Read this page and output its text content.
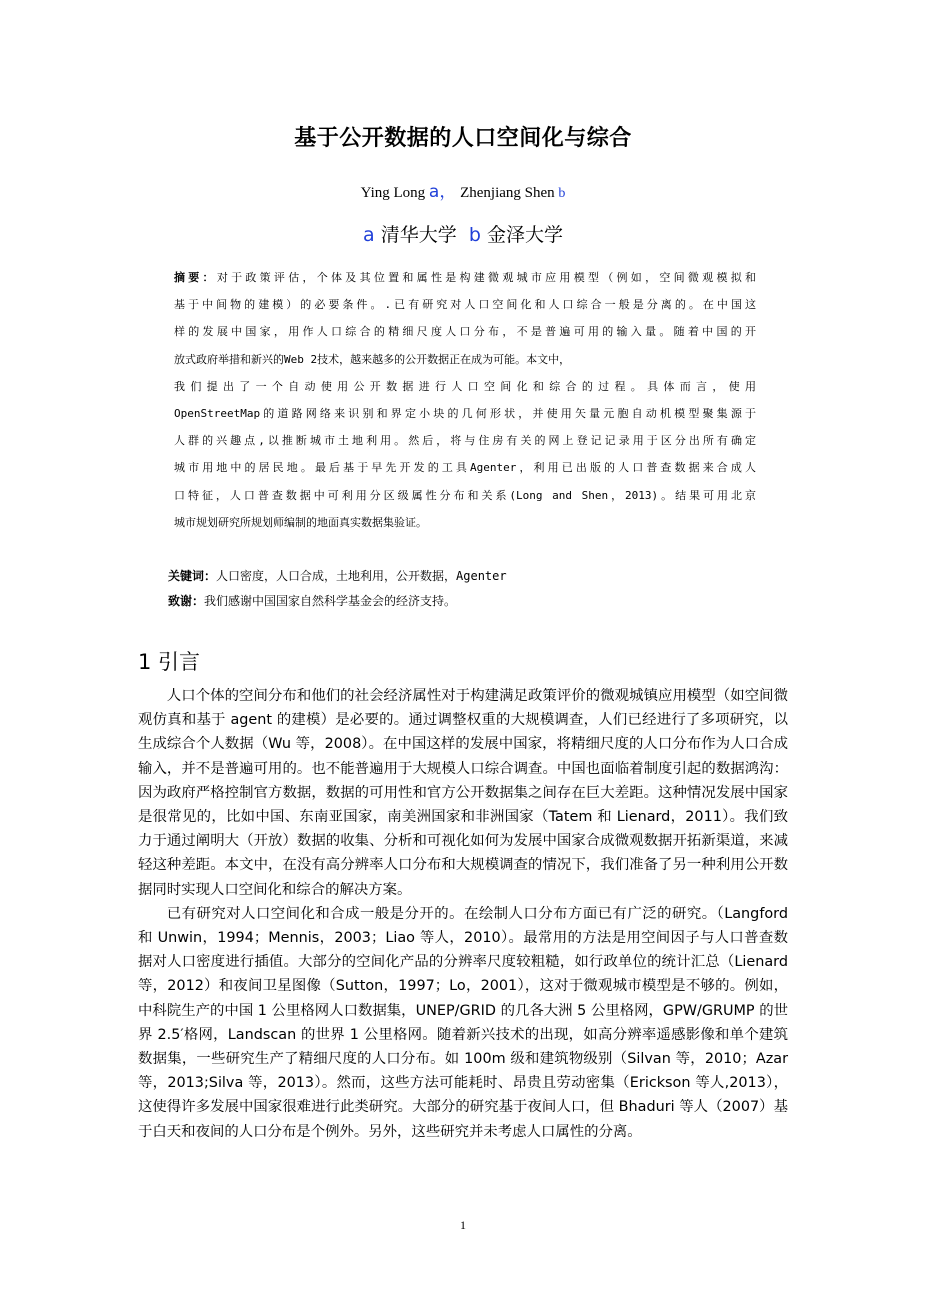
基于公开数据的人口空间化与综合
Ying Long a， Zhenjiang Shen b
a 清华大学 b 金泽大学
摘要：对于政策评估，个体及其位置和属性是构建微观城市应用模型（例如，空间微观模拟和
基于中间物的建模）的必要条件。.已有研究对人口空间化和人口综合一般是分离的。在中国这
样的发展中国家，用作人口综合的精细尺度人口分布，不是普遍可用的输入量。随着中国的开
放式政府举措和新兴的Web 2技术，越来越多的公开数据正在成为可能。本文中，
我们提出了一个自动使用公开数据进行人口空间化和综合的过程。具体而言，使用
OpenStreetMap的道路网络来识别和界定小块的几何形状，并使用矢量元胞自动机模型聚集源于
人群的兴趣点,以推断城市土地利用。然后，将与住房有关的网上登记记录用于区分出所有确定
城市用地中的居民地。最后基于早先开发的工具Agenter，利用已出版的人口普查数据来合成人
口特征，人口普查数据中可利用分区级属性分布和关系(Long and Shen，2013)。结果可用北京
城市规划研究所规划师编制的地面真实数据集验证。
关键词：人口密度，人口合成，土地利用，公开数据，Agenter
致谢：我们感谢中国国家自然科学基金会的经济支持。
1 引言

人口个体的空间分布和他们的社会经济属性对于构建满足政策评价的微观城镇应用模型（如空间微观仿真和基于 agent 的建模）是必要的。通过调整权重的大规模调查，人们已经进行了多项研究，以生成综合个人数据（Wu 等，2008）。在中国这样的发展中国家，将精细尺度的人口分布作为人口合成输入，并不是普遍可用的。也不能普遍用于大规模人口综合调查。中国也面临着制度引起的数据鸿沟：因为政府严格控制官方数据，数据的可用性和官方公开数据集之间存在巨大差距。这种情况发展中国家是很常见的，比如中国、东南亚国家，南美洲国家和非洲国家（Tatem 和 Lienard，2011）。我们致力于通过阐明大（开放）数据的收集、分析和可视化如何为发展中国家合成微观数据开拓新渠道，来减轻这种差距。本文中，在没有高分辨率人口分布和大规模调查的情况下，我们准备了另一种利用公开数据同时实现人口空间化和综合的解决方案。

已有研究对人口空间化和合成一般是分开的。在绘制人口分布方面已有广泛的研究。（Langford 和 Unwin，1994；Mennis，2003；Liao 等人，2010）。最常用的方法是用空间因子与人口普查数据对人口密度进行插值。大部分的空间化产品的分辨率尺度较粗糙，如行政单位的统计汇总（Lienard 等，2012）和夜间卫星图像（Sutton，1997；Lo，2001），这对于微观城市模型是不够的。例如，中科院生产的中国 1 公里格网人口数据集，UNEP/GRID 的几各大洲 5 公里格网，GPW/GRUMP 的世界 2.5′格网，Landscan 的世界 1 公里格网。随着新兴技术的出现，如高分辨率遥感影像和单个建筑数据集，一些研究生产了精细尺度的人口分布。如 100m 级和建筑物级别（Silvan 等，2010；Azar 等，2013;Silva 等，2013）。然而，这些方法可能耗时、昂贵且劳动密集（Erickson 等人,2013），这使得许多发展中国家很难进行此类研究。大部分的研究基于夜间人口，但 Bhaduri 等人（2007）基于白天和夜间的人口分布是个例外。另外，这些研究并未考虑人口属性的分离。

1
